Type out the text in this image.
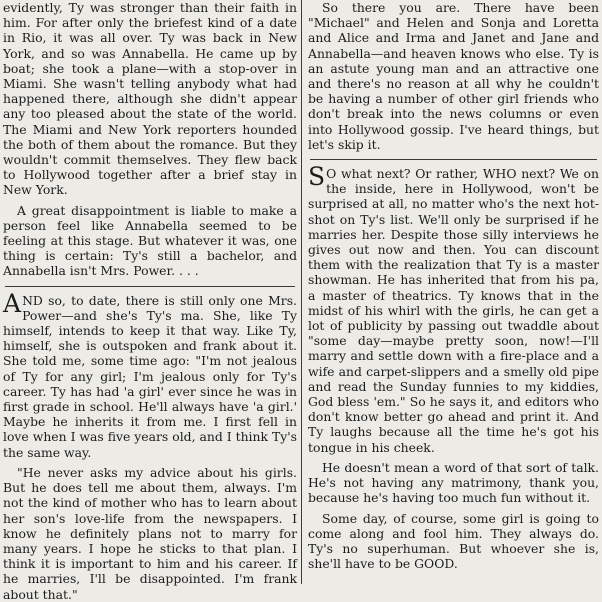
evidently, Ty was stronger than their faith in him. For after only the briefest kind of a date in Rio, it was all over. Ty was back in New York, and so was Annabella. He came up by boat; she took a plane—with a stop-over in Miami. She wasn't telling anybody what had happened there, although she didn't appear any too pleased about the state of the world. The Miami and New York reporters hounded the both of them about the romance. But they wouldn't commit themselves. They flew back to Hollywood together after a brief stay in New York.

A great disappointment is liable to make a person feel like Annabella seemed to be feeling at this stage. But whatever it was, one thing is certain: Ty's still a bachelor, and Annabella isn't Mrs. Power. . . .

AND so, to date, there is still only one Mrs. Power—and she's Ty's ma. She, like Ty himself, intends to keep it that way. Like Ty, himself, she is outspoken and frank about it. She told me, some time ago: "I'm not jealous of Ty for any girl; I'm jealous only for Ty's career. Ty has had 'a girl' ever since he was in first grade in school. He'll always have 'a girl.' Maybe he inherits it from me. I first fell in love when I was five years old, and I think Ty's the same way.

"He never asks my advice about his girls. But he does tell me about them, always. I'm not the kind of mother who has to learn about her son's love-life from the newspapers. I know he definitely plans not to marry for many years. I hope he sticks to that plan. I think it is important to him and his career. If he marries, I'll be disappointed. I'm frank about that."

So there you are. There have been "Michael" and Helen and Sonja and Loretta and Alice and Irma and Janet and Jane and Annabella—and heaven knows who else. Ty is an astute young man and an attractive one and there's no reason at all why he couldn't be having a number of other girl friends who don't break into the news columns or even into Hollywood gossip. I've heard things, but let's skip it.

S O what next? Or rather, WHO next? We on the inside, here in Hollywood, won't be surprised at all, no matter who's the next hot-shot on Ty's list. We'll only be surprised if he marries her. Despite those silly interviews he gives out now and then. You can discount them with the realization that Ty is a master showman. He has inherited that from his pa, a master of theatrics. Ty knows that in the midst of his whirl with the girls, he can get a lot of publicity by passing out twaddle about "some day—maybe pretty soon, now!—I'll marry and settle down with a fire-place and a wife and carpet-slippers and a smelly old pipe and read the Sunday funnies to my kiddies, God bless 'em." So he says it, and editors who don't know better go ahead and print it. And Ty laughs because all the time he's got his tongue in his cheek.

He doesn't mean a word of that sort of talk. He's not having any matrimony, thank you, because he's having too much fun without it.

Some day, of course, some girl is going to come along and fool him. They always do. Ty's no superhuman. But whoever she is, she'll have to be GOOD.
